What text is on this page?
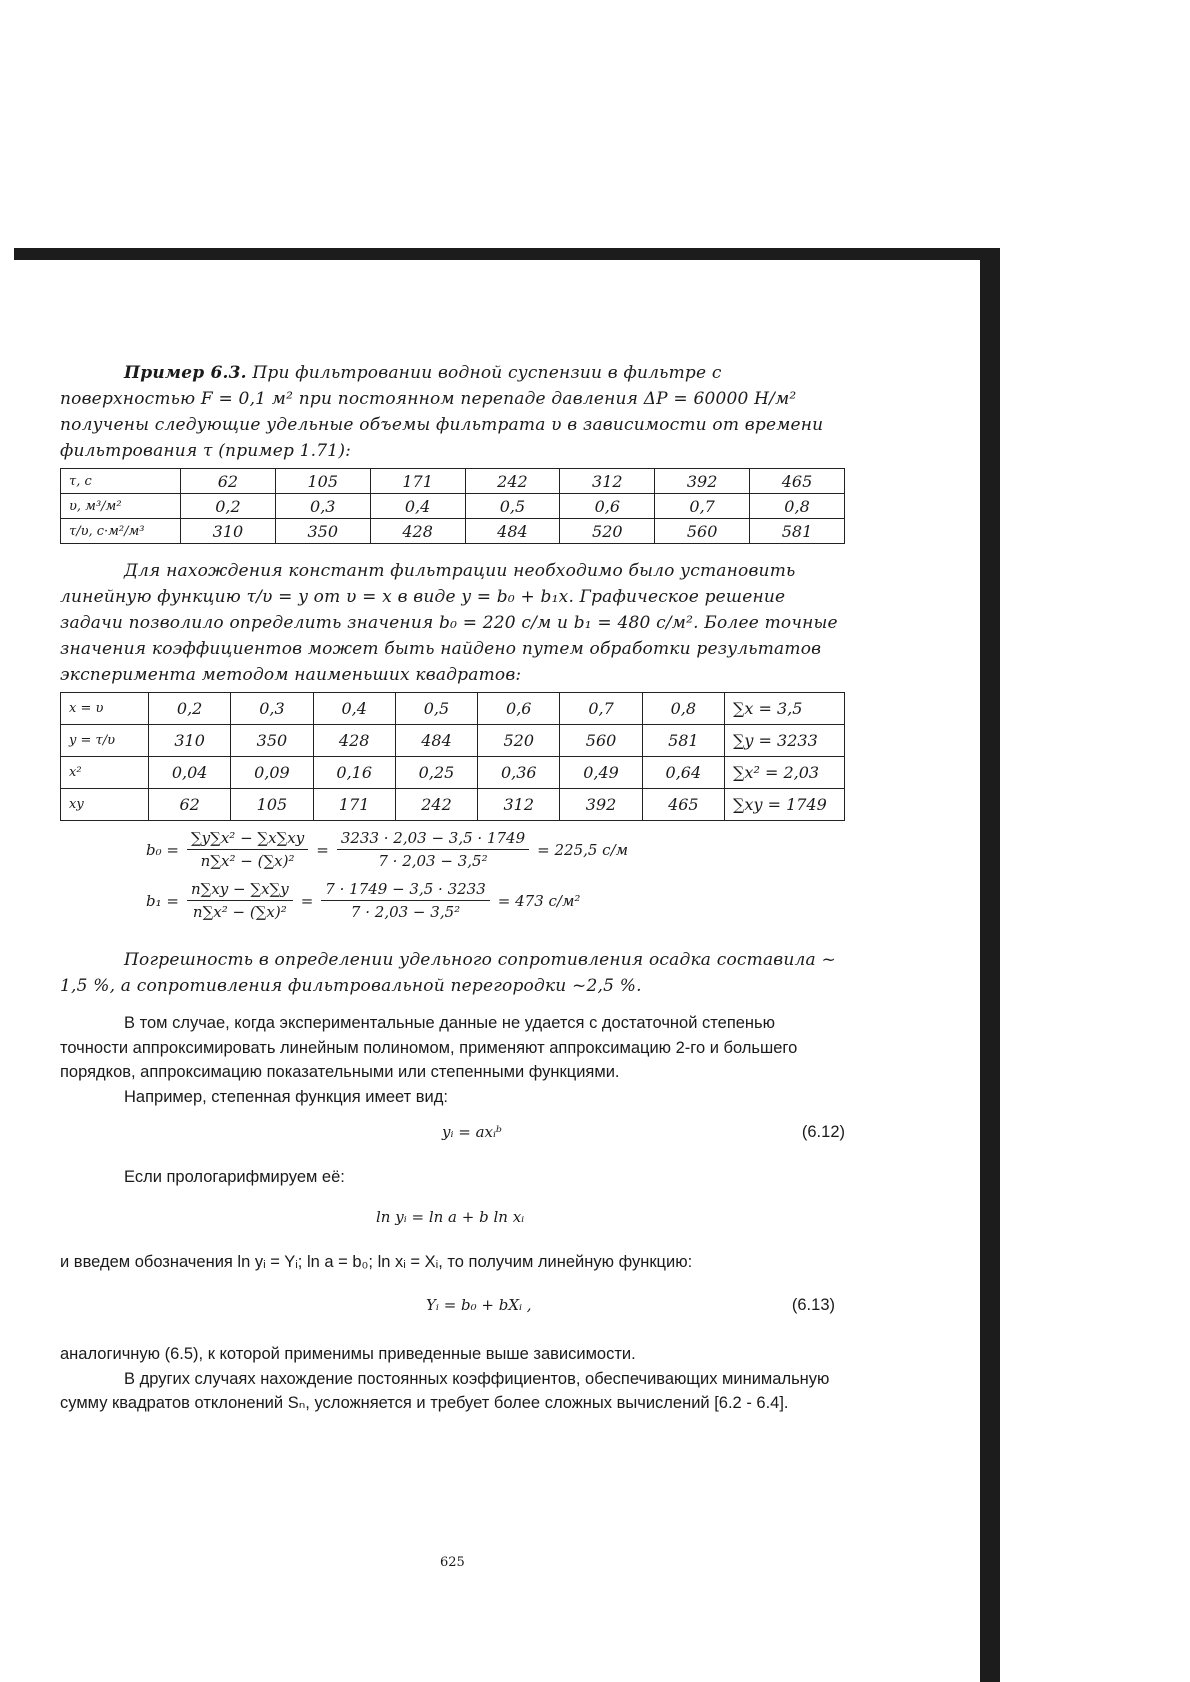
Пример 6.3. При фильтровании водной суспензии в фильтре с поверхностью F = 0,1 м² при постоянном перепаде давления ΔP = 60000 Н/м² получены следующие удельные объемы фильтрата υ в зависимости от времени фильтрования τ (пример 1.71):

τ, с	62	105	171	242	312	392	465
υ, м³/м²	0,2	0,3	0,4	0,5	0,6	0,7	0,8
τ/υ, с·м²/м³	310	350	428	484	520	560	581

Для нахождения констант фильтрации необходимо было установить линейную функцию τ/υ = y от υ = x в виде y = b₀ + b₁x. Графическое решение задачи позволило определить значения b₀ = 220 с/м и b₁ = 480 с/м². Более точные значения коэффициентов может быть найдено путем обработки результатов эксперимента методом наименьших квадратов:

x = υ	0,2	0,3	0,4	0,5	0,6	0,7	0,8	∑x = 3,5
y = τ/υ	310	350	428	484	520	560	581	∑y = 3233
x²	0,04	0,09	0,16	0,25	0,36	0,49	0,64	∑x² = 2,03
xy	62	105	171	242	312	392	465	∑xy = 1749
$b_0 = \frac{\text{∑y∑x² − ∑x∑xy}}{\text{n∑x² − (∑x)²}} = \frac{3233 \cdot 2,03 - 3,5 \cdot 1749}{\text{7 · 2,03 − 3,5²}} = 225,5$ с/м
$b_1 = \frac{n\sum xy - \sum x\sum y}{\text{n∑x² − (∑x)²}} = \frac{7 \cdot 1749 - 3,5 \cdot 3233}{\text{7 · 2,03 − 3,5²}} = 473$ с/м²

Погрешность в определении удельного сопротивления осадка составила ~ 1,5 %, а сопротивления фильтровальной перегородки ~2,5 %.

В том случае, когда экспериментальные данные не удается с достаточной степенью точности аппроксимировать линейным полиномом, применяют аппроксимацию 2-го и большего порядков, аппроксимацию показательными или степенными функциями.

Например, степенная функция имеет вид:

yᵢ = axᵢᵇ	(6.12)

Если прологарифмируем её:

ln yᵢ = ln a + b ln xᵢ

и введем обозначения ln yᵢ = Yᵢ; ln a = b₀; ln xᵢ = Xᵢ, то получим линейную функцию:

Yᵢ = b₀ + bXᵢ ,	(6.13)

аналогичную (6.5), к которой применимы приведенные выше зависимости.

В других случаях нахождение постоянных коэффициентов, обеспечивающих минимальную сумму квадратов отклонений Sₙ, усложняется и требует более сложных вычислений [6.2 - 6.4].

625
